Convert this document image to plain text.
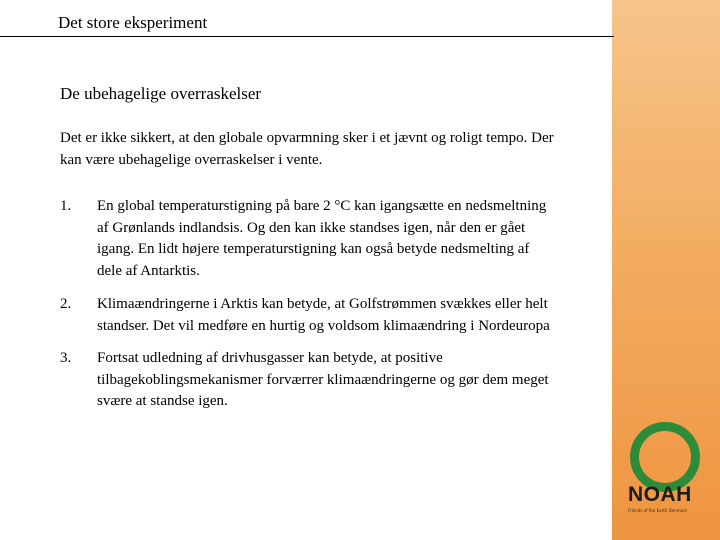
Det store eksperiment
De ubehagelige overraskelser
Det er ikke sikkert, at den globale opvarmning sker i et jævnt og roligt tempo. Der kan være ubehagelige overraskelser i vente.
1. En global temperaturstigning på bare 2 °C kan igangsætte en nedsmeltning af Grønlands indlandsis. Og den kan ikke standses igen, når den er gået igang. En lidt højere temperaturstigning kan også betyde nedsmelting af dele af Antarktis.
2. Klimaændringerne i Arktis kan betyde, at Golfstrømmen svækkes eller helt standser. Det vil medføre en hurtig og voldsom klimaændring i Nordeuropa
3. Fortsat udledning af drivhusgasser kan betyde, at positive tilbagekoblingsmekanismer forværrer klimaændringerne og gør dem meget svære at standse igen.
NOAH
Friends of the Earth Denmark
